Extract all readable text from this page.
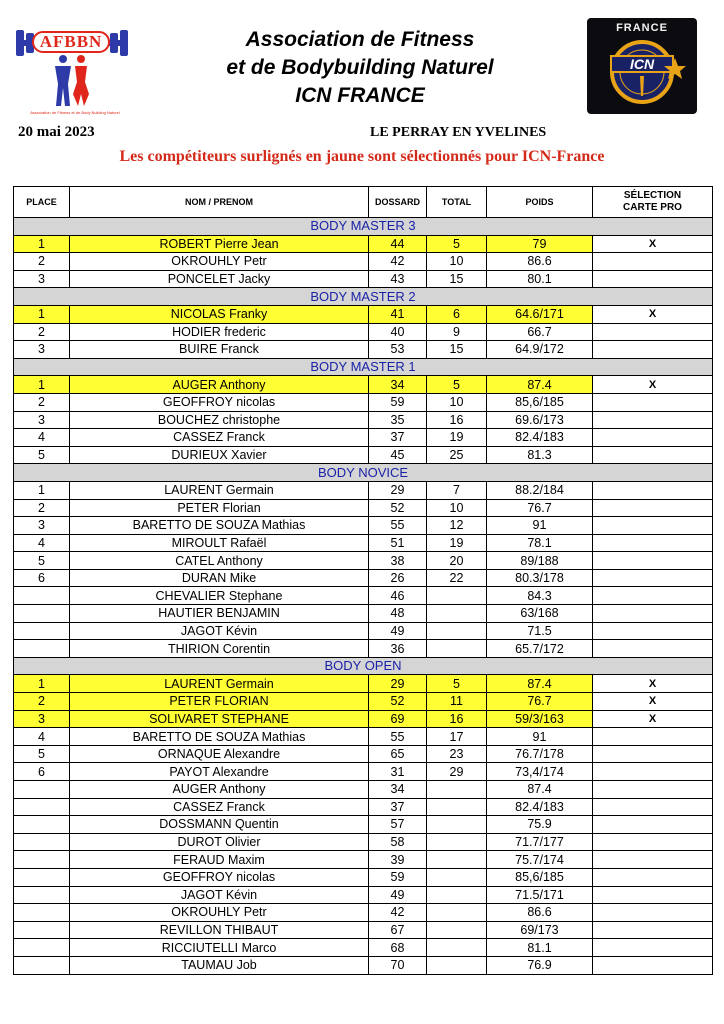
AFBBN
Association de Fitness et de Body Building Naturel
FRANCE
ICN
Association de Fitness
et de Bodybuilding Naturel
ICN FRANCE
20 mai 2023	LE PERRAY EN YVELINES
Les compétiteurs surlignés en jaune sont sélectionnés pour ICN-France
PLACE	NOM / PRENOM	DOSSARD	TOTAL	POIDS	SÉLECTION CARTE PRO
BODY MASTER 3					
1	ROBERT Pierre Jean	44	5	79	X
2	OKROUHLY Petr	42	10	86.6	
3	PONCELET Jacky	43	15	80.1	
BODY MASTER 2					
1	NICOLAS Franky	41	6	64.6/171	X
2	HODIER frederic	40	9	66.7	
3	BUIRE Franck	53	15	64.9/172	
BODY MASTER 1					
1	AUGER Anthony	34	5	87.4	X
2	GEOFFROY nicolas	59	10	85,6/185	
3	BOUCHEZ christophe	35	16	69.6/173	
4	CASSEZ Franck	37	19	82.4/183	
5	DURIEUX Xavier	45	25	81.3	
BODY NOVICE					
1	LAURENT Germain	29	7	88.2/184	
2	PETER Florian	52	10	76.7	
3	BARETTO DE SOUZA Mathias	55	12	91	
4	MIROULT Rafaël	51	19	78.1	
5	CATEL Anthony	38	20	89/188	
6	DURAN Mike	26	22	80.3/178	
	CHEVALIER Stephane	46		84.3	
	HAUTIER BENJAMIN	48		63/168	
	JAGOT Kévin	49		71.5	
	THIRION Corentin	36		65.7/172	
BODY OPEN					
1	LAURENT Germain	29	5	87.4	X
2	PETER FLORIAN	52	11	76.7	X
3	SOLIVARET STEPHANE	69	16	59/3/163	X
4	BARETTO DE SOUZA Mathias	55	17	91	
5	ORNAQUE Alexandre	65	23	76.7/178	
6	PAYOT Alexandre	31	29	73,4/174	
	AUGER Anthony	34		87.4	
	CASSEZ Franck	37		82.4/183	
	DOSSMANN Quentin	57		75.9	
	DUROT Olivier	58		71.7/177	
	FERAUD Maxim	39		75.7/174	
	GEOFFROY nicolas	59		85,6/185	
	JAGOT Kévin	49		71.5/171	
	OKROUHLY Petr	42		86.6	
	REVILLON THIBAUT	67		69/173	
	RICCIUTELLI Marco	68		81.1	
	TAUMAU Job	70		76.9	
